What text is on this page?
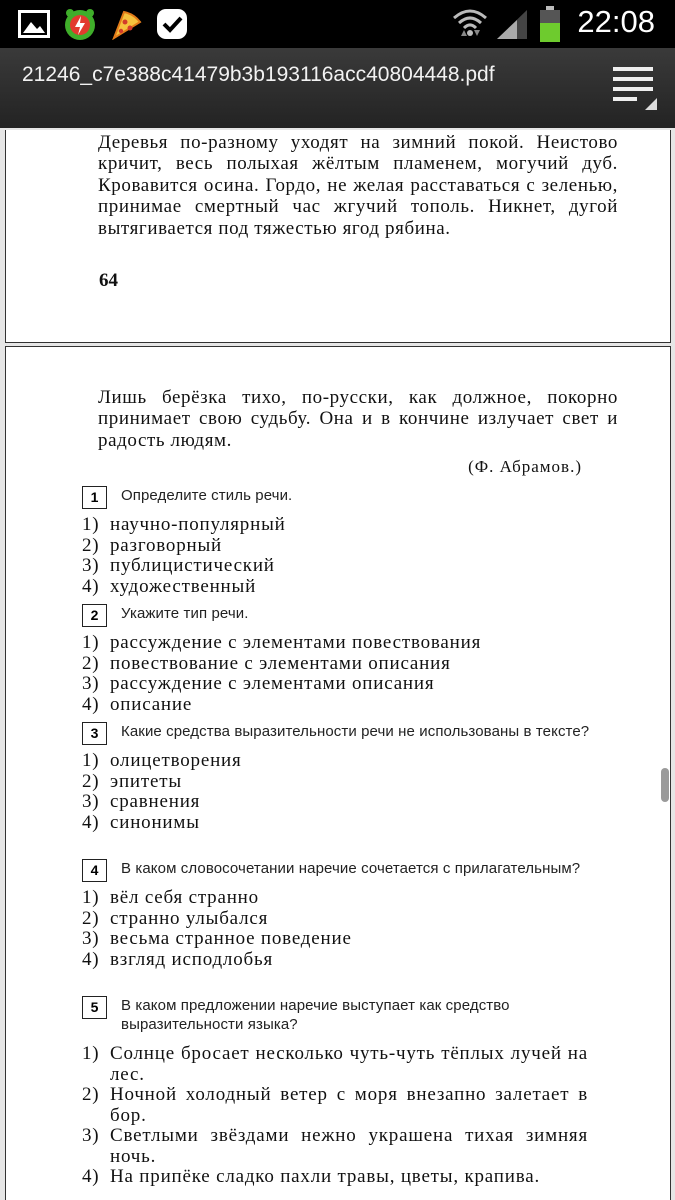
22:08
21246_c7e388c41479b3b193116acc40804448.pdf
Деревья по-разному уходят на зимний покой. Неистово кричит, весь полыхая жёлтым пламенем, могучий дуб. Кровавится осина. Гордо, не желая расставаться с зеленью, принимае смертный час жгучий тополь. Никнет, дугой вытягивается под тяжестью ягод рябина.
64
Лишь берёзка тихо, по-русски, как должное, покорно принимает свою судьбу. Она и в кончине излучает свет и радость людям.
(Ф. Абрамов.)
1	Определите стиль речи.
1) научно-популярный
2) разговорный
3) публицистический
4) художественный
2	Укажите тип речи.
1) рассуждение с элементами повествования
2) повествование с элементами описания
3) рассуждение с элементами описания
4) описание
3	Какие средства выразительности речи не использованы в тексте?
1) олицетворения
2) эпитеты
3) сравнения
4) синонимы
4	В каком словосочетании наречие сочетается с прилагательным?
1) вёл себя странно
2) странно улыбался
3) весьма странное поведение
4) взгляд исподлобья
5	В каком предложении наречие выступает как средство выразительности языка?
1) Солнце бросает несколько чуть-чуть тёплых лучей на лес.
2) Ночной холодный ветер с моря внезапно залетает в бор.
3) Светлыми звёздами нежно украшена тихая зимняя ночь.
4) На припёке сладко пахли травы, цветы, крапива.
